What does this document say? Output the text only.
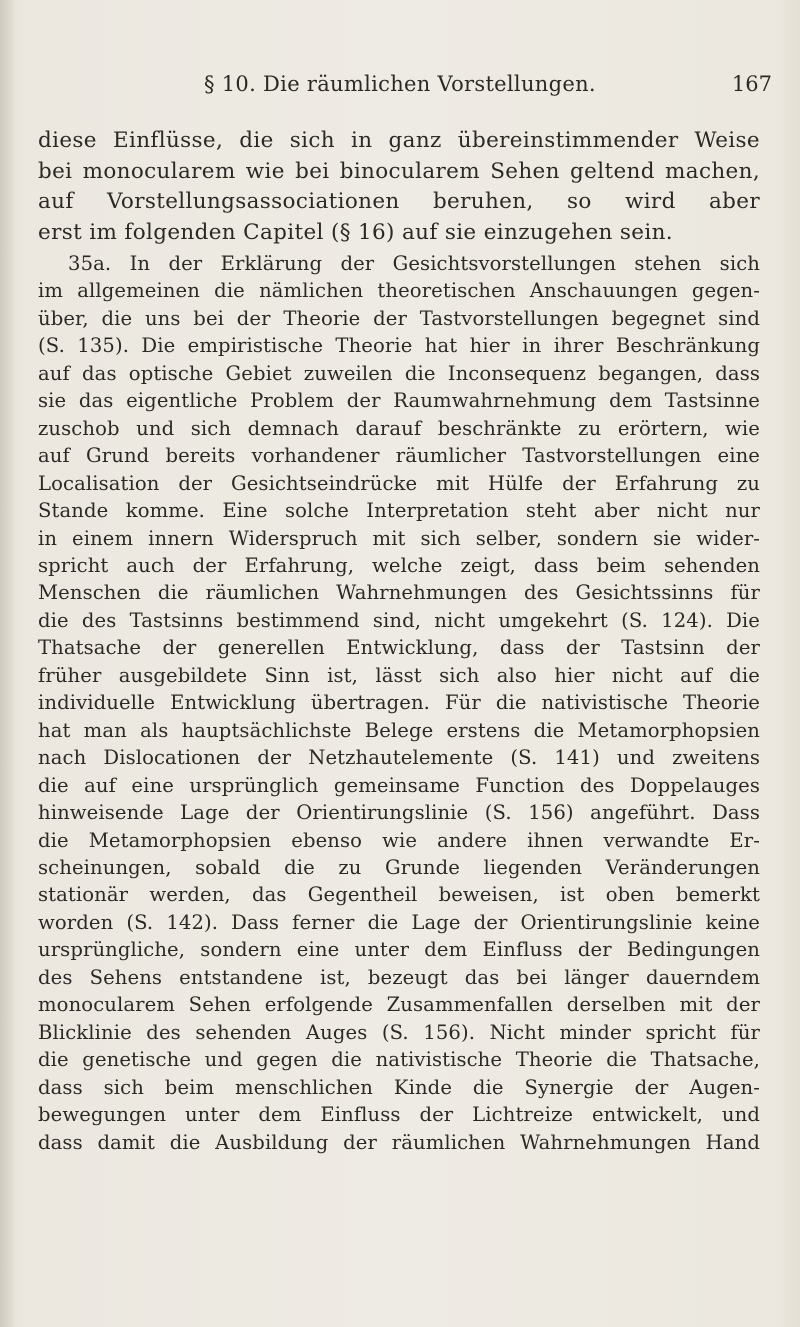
§ 10. Die räumlichen Vorstellungen.	167
diese Einflüsse, die sich in ganz übereinstimmender Weise
bei monocularem wie bei binocularem Sehen geltend machen,
auf Vorstellungsassociationen beruhen, so wird aber
erst im folgenden Capitel (§ 16) auf sie einzugehen sein.
35a. In der Erklärung der Gesichtsvorstellungen stehen sich
im allgemeinen die nämlichen theoretischen Anschauungen gegen-
über, die uns bei der Theorie der Tastvorstellungen begegnet sind
(S. 135). Die empiristische Theorie hat hier in ihrer Beschränkung
auf das optische Gebiet zuweilen die Inconsequenz begangen, dass
sie das eigentliche Problem der Raumwahrnehmung dem Tastsinne
zuschob und sich demnach darauf beschränkte zu erörtern, wie
auf Grund bereits vorhandener räumlicher Tastvorstellungen eine
Localisation der Gesichtseindrücke mit Hülfe der Erfahrung zu
Stande komme. Eine solche Interpretation steht aber nicht nur
in einem innern Widerspruch mit sich selber, sondern sie wider-
spricht auch der Erfahrung, welche zeigt, dass beim sehenden
Menschen die räumlichen Wahrnehmungen des Gesichtssinns für
die des Tastsinns bestimmend sind, nicht umgekehrt (S. 124). Die
Thatsache der generellen Entwicklung, dass der Tastsinn der
früher ausgebildete Sinn ist, lässt sich also hier nicht auf die
individuelle Entwicklung übertragen. Für die nativistische Theorie
hat man als hauptsächlichste Belege erstens die Metamorphopsien
nach Dislocationen der Netzhautelemente (S. 141) und zweitens
die auf eine ursprünglich gemeinsame Function des Doppelauges
hinweisende Lage der Orientirungslinie (S. 156) angeführt. Dass
die Metamorphopsien ebenso wie andere ihnen verwandte Er-
scheinungen, sobald die zu Grunde liegenden Veränderungen
stationär werden, das Gegentheil beweisen, ist oben bemerkt
worden (S. 142). Dass ferner die Lage der Orientirungslinie keine
ursprüngliche, sondern eine unter dem Einfluss der Bedingungen
des Sehens entstandene ist, bezeugt das bei länger dauerndem
monocularem Sehen erfolgende Zusammenfallen derselben mit der
Blicklinie des sehenden Auges (S. 156). Nicht minder spricht für
die genetische und gegen die nativistische Theorie die Thatsache,
dass sich beim menschlichen Kinde die Synergie der Augen-
bewegungen unter dem Einfluss der Lichtreize entwickelt, und
dass damit die Ausbildung der räumlichen Wahrnehmungen Hand
